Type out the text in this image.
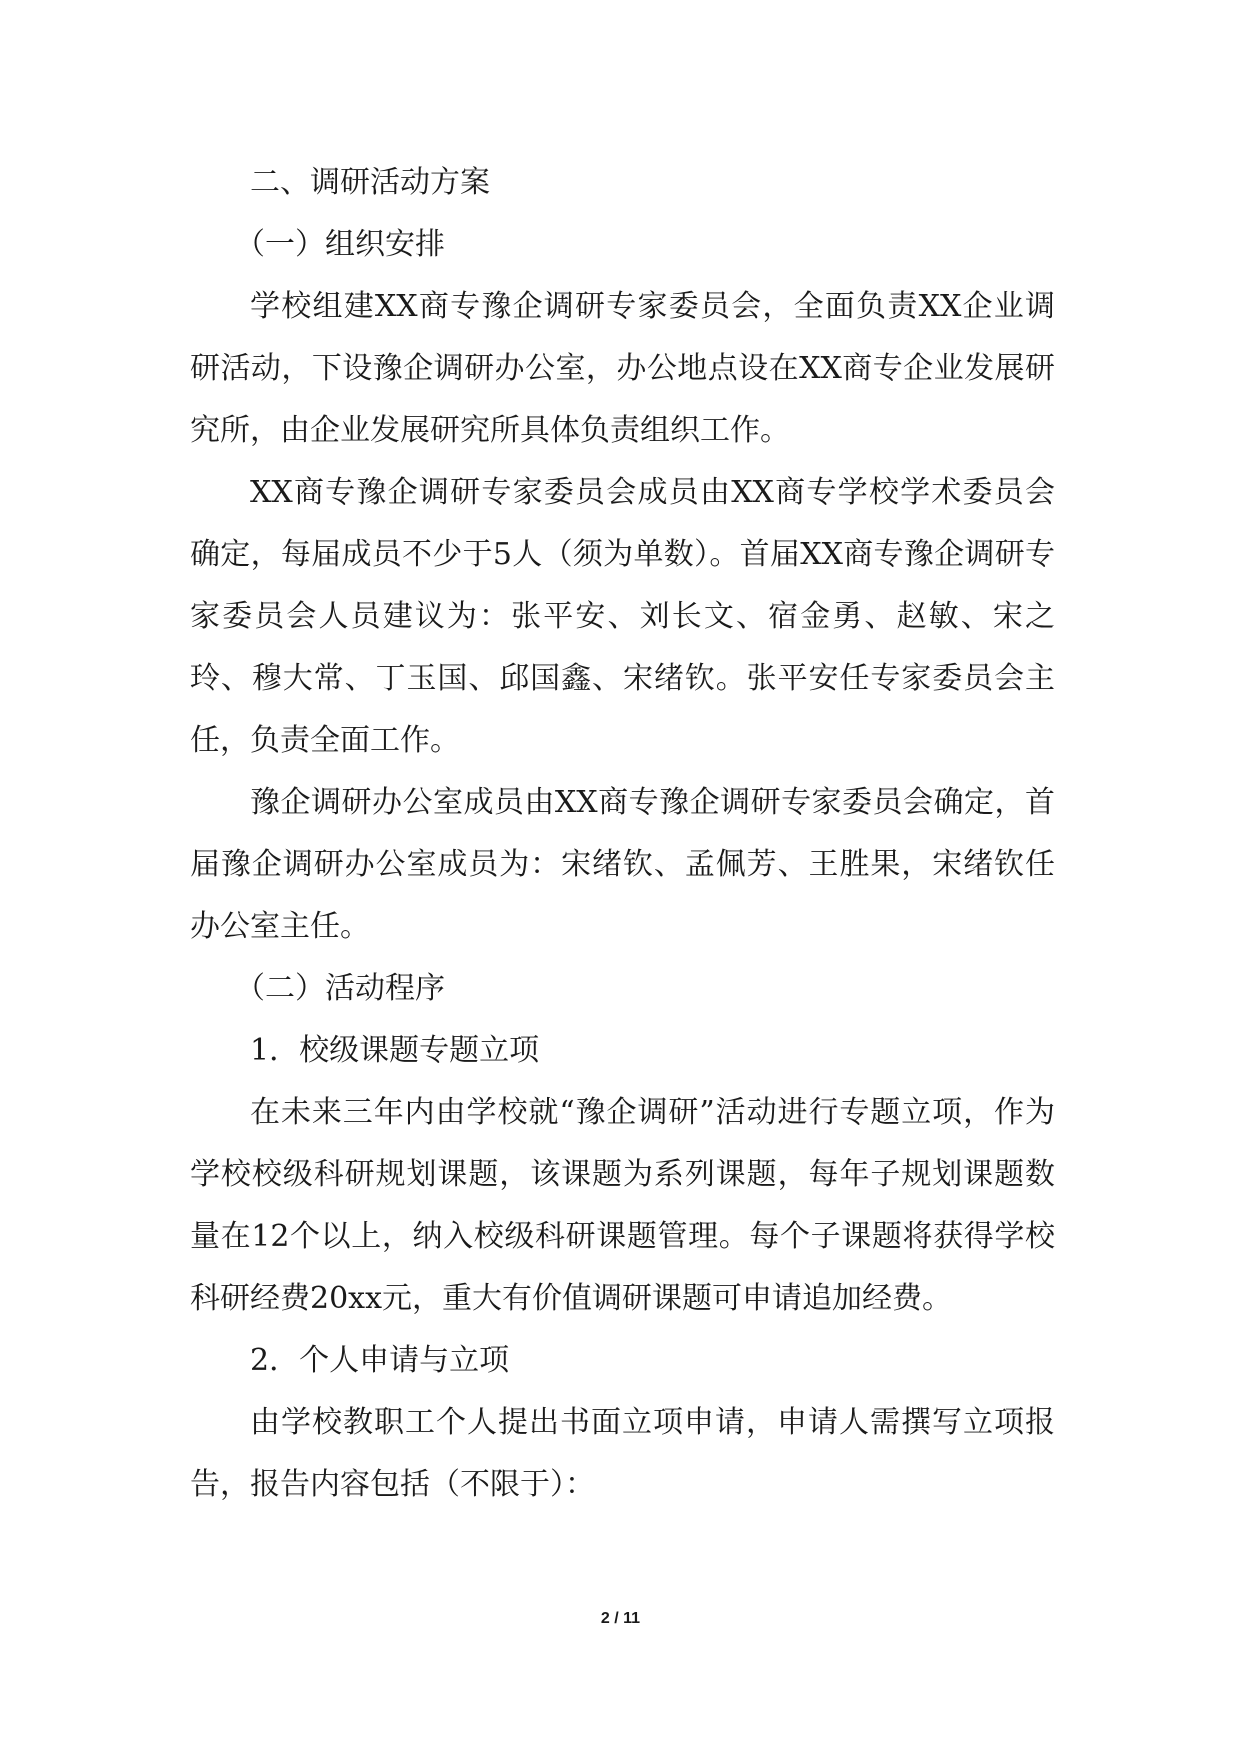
二、调研活动方案
（一）组织安排

学校组建XX商专豫企调研专家委员会，全面负责XX企业调研活动，下设豫企调研办公室，办公地点设在XX商专企业发展研究所，由企业发展研究所具体负责组织工作。

XX商专豫企调研专家委员会成员由XX商专学校学术委员会确定，每届成员不少于5人（须为单数）。首届XX商专豫企调研专家委员会人员建议为：张平安、刘长文、宿金勇、赵敏、宋之玲、穆大常、丁玉国、邱国鑫、宋绪钦。张平安任专家委员会主任，负责全面工作。

豫企调研办公室成员由XX商专豫企调研专家委员会确定，首届豫企调研办公室成员为：宋绪钦、孟佩芳、王胜果，宋绪钦任办公室主任。

（二）活动程序
1．校级课题专题立项

在未来三年内由学校就“豫企调研”活动进行专题立项，作为学校校级科研规划课题，该课题为系列课题，每年子规划课题数量在12个以上，纳入校级科研课题管理。每个子课题将获得学校科研经费20xx元，重大有价值调研课题可申请追加经费。

2．个人申请与立项

由学校教职工个人提出书面立项申请，申请人需撰写立项报告，报告内容包括（不限于）：

2 / 11
